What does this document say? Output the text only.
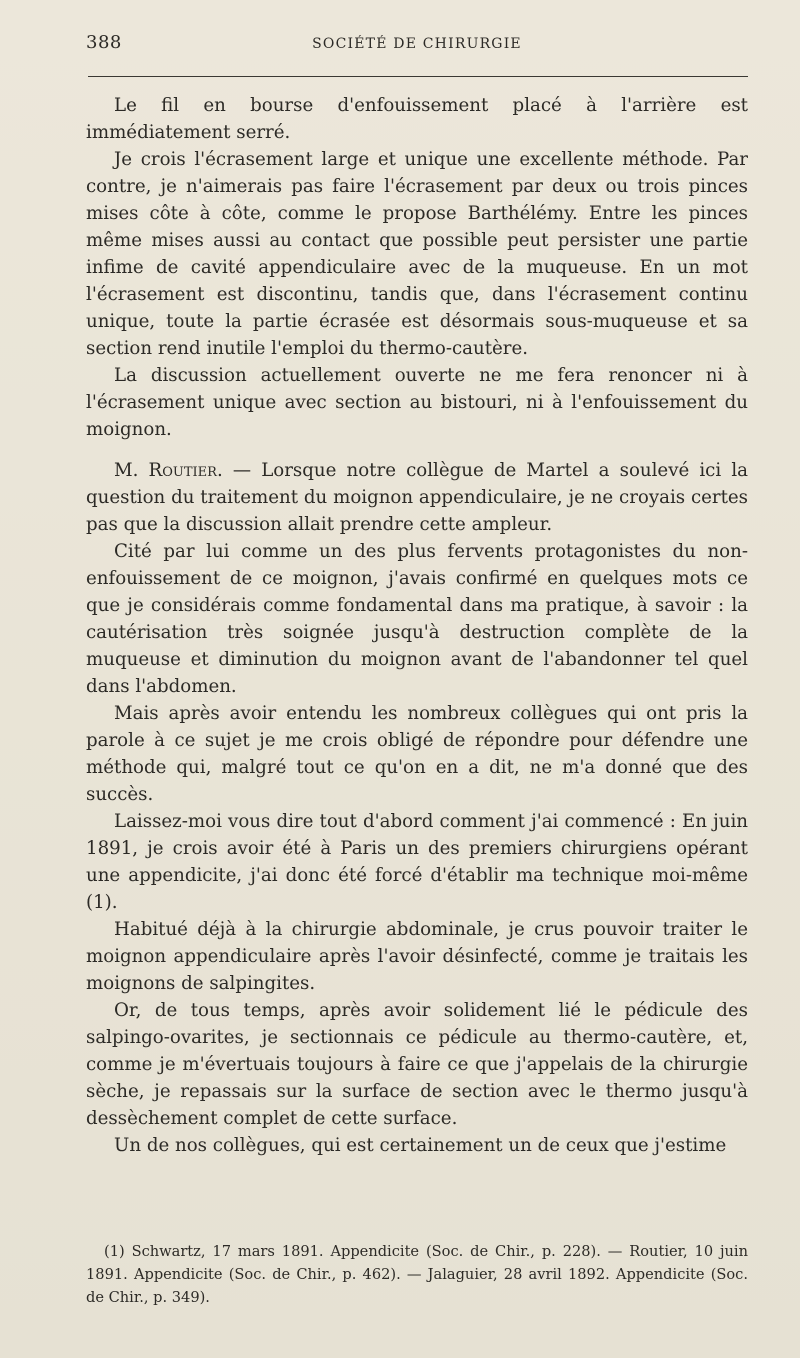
388	SOCIÉTÉ DE CHIRURGIE

Le fil en bourse d'enfouissement placé à l'arrière est immédiatement serré.

Je crois l'écrasement large et unique une excellente méthode. Par contre, je n'aimerais pas faire l'écrasement par deux ou trois pinces mises côte à côte, comme le propose Barthélémy. Entre les pinces même mises aussi au contact que possible peut persister une partie infime de cavité appendiculaire avec de la muqueuse. En un mot l'écrasement est discontinu, tandis que, dans l'écrasement continu unique, toute la partie écrasée est désormais sous-muqueuse et sa section rend inutile l'emploi du thermo-cautère.

La discussion actuellement ouverte ne me fera renoncer ni à l'écrasement unique avec section au bistouri, ni à l'enfouissement du moignon.

M. Routier. — Lorsque notre collègue de Martel a soulevé ici la question du traitement du moignon appendiculaire, je ne croyais certes pas que la discussion allait prendre cette ampleur.

Cité par lui comme un des plus fervents protagonistes du non-enfouissement de ce moignon, j'avais confirmé en quelques mots ce que je considérais comme fondamental dans ma pratique, à savoir : la cautérisation très soignée jusqu'à destruction complète de la muqueuse et diminution du moignon avant de l'abandonner tel quel dans l'abdomen.

Mais après avoir entendu les nombreux collègues qui ont pris la parole à ce sujet je me crois obligé de répondre pour défendre une méthode qui, malgré tout ce qu'on en a dit, ne m'a donné que des succès.

Laissez-moi vous dire tout d'abord comment j'ai commencé : En juin 1891, je crois avoir été à Paris un des premiers chirurgiens opérant une appendicite, j'ai donc été forcé d'établir ma technique moi-même (1).

Habitué déjà à la chirurgie abdominale, je crus pouvoir traiter le moignon appendiculaire après l'avoir désinfecté, comme je traitais les moignons de salpingites.

Or, de tous temps, après avoir solidement lié le pédicule des salpingo-ovarites, je sectionnais ce pédicule au thermo-cautère, et, comme je m'évertuais toujours à faire ce que j'appelais de la chirurgie sèche, je repassais sur la surface de section avec le thermo jusqu'à dessèchement complet de cette surface.

Un de nos collègues, qui est certainement un de ceux que j'estime

(1) Schwartz, 17 mars 1891. Appendicite (Soc. de Chir., p. 228). — Routier, 10 juin 1891. Appendicite (Soc. de Chir., p. 462). — Jalaguier, 28 avril 1892. Appendicite (Soc. de Chir., p. 349).
